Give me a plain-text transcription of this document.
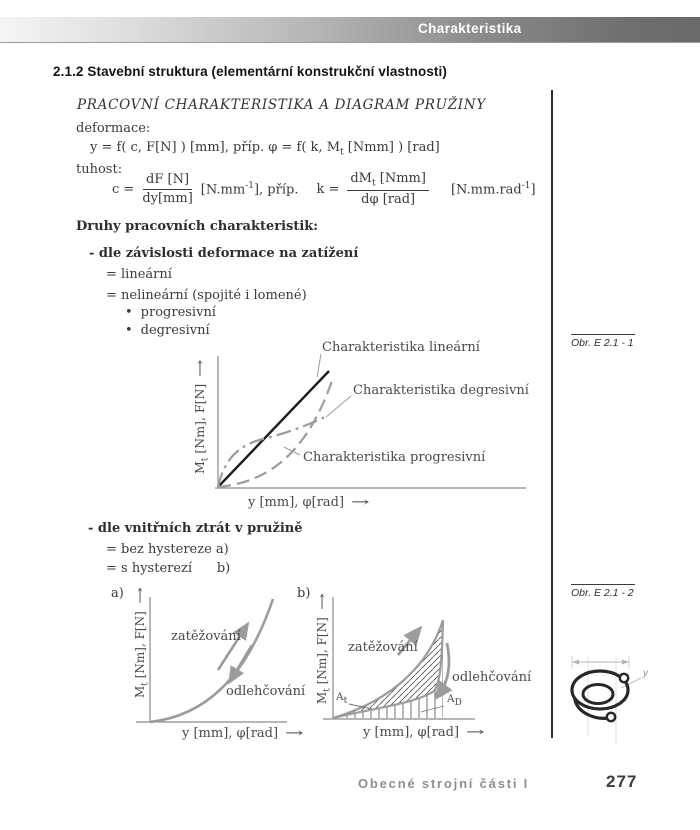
Charakteristika
2.1.2 Stavební struktura (elementární konstrukční vlastnosti)
PRACOVNÍ CHARAKTERISTIKA A DIAGRAM PRUŽINY
deformace:
y = f( c, F[N] ) [mm], příp. φ = f( k, $M_t$ [Nmm] ) [rad]
tuhost:
$c = \frac{dF [N]}{dy[mm]} [N.mm^{-1}]$, příp. $k = \frac{dM_t [Nmm]}{\text{dφ [rad]}} [N.mm.rad^{-1}]$
Druhy pracovních charakteristik:
- dle závislosti deformace na zatížení
= lineární
= nelineární (spojité i lomené)
• progresivní
• degresivní
Charakteristika lineární
Charakteristika degresivní
Charakteristika progresivní
$M_t$ [Nm], F[N]→
y [mm], φ[rad] →
Obr. E 2.1 - 1
Obr. E 2.1 - 2
- dle vnitřních ztrát v pružině
= bez hystereze a)
= s hysterezí      b)
a)
zatěžování
odlehčování
$M_t$ [Nm], F[N]→
y [mm], φ[rad] →
b)
zatěžování
odlehčování
$A_t$	$A_D$
$M_t$ [Nm], F[N]→
y [mm], φ[rad] →
y
Obecné strojní části I	277
